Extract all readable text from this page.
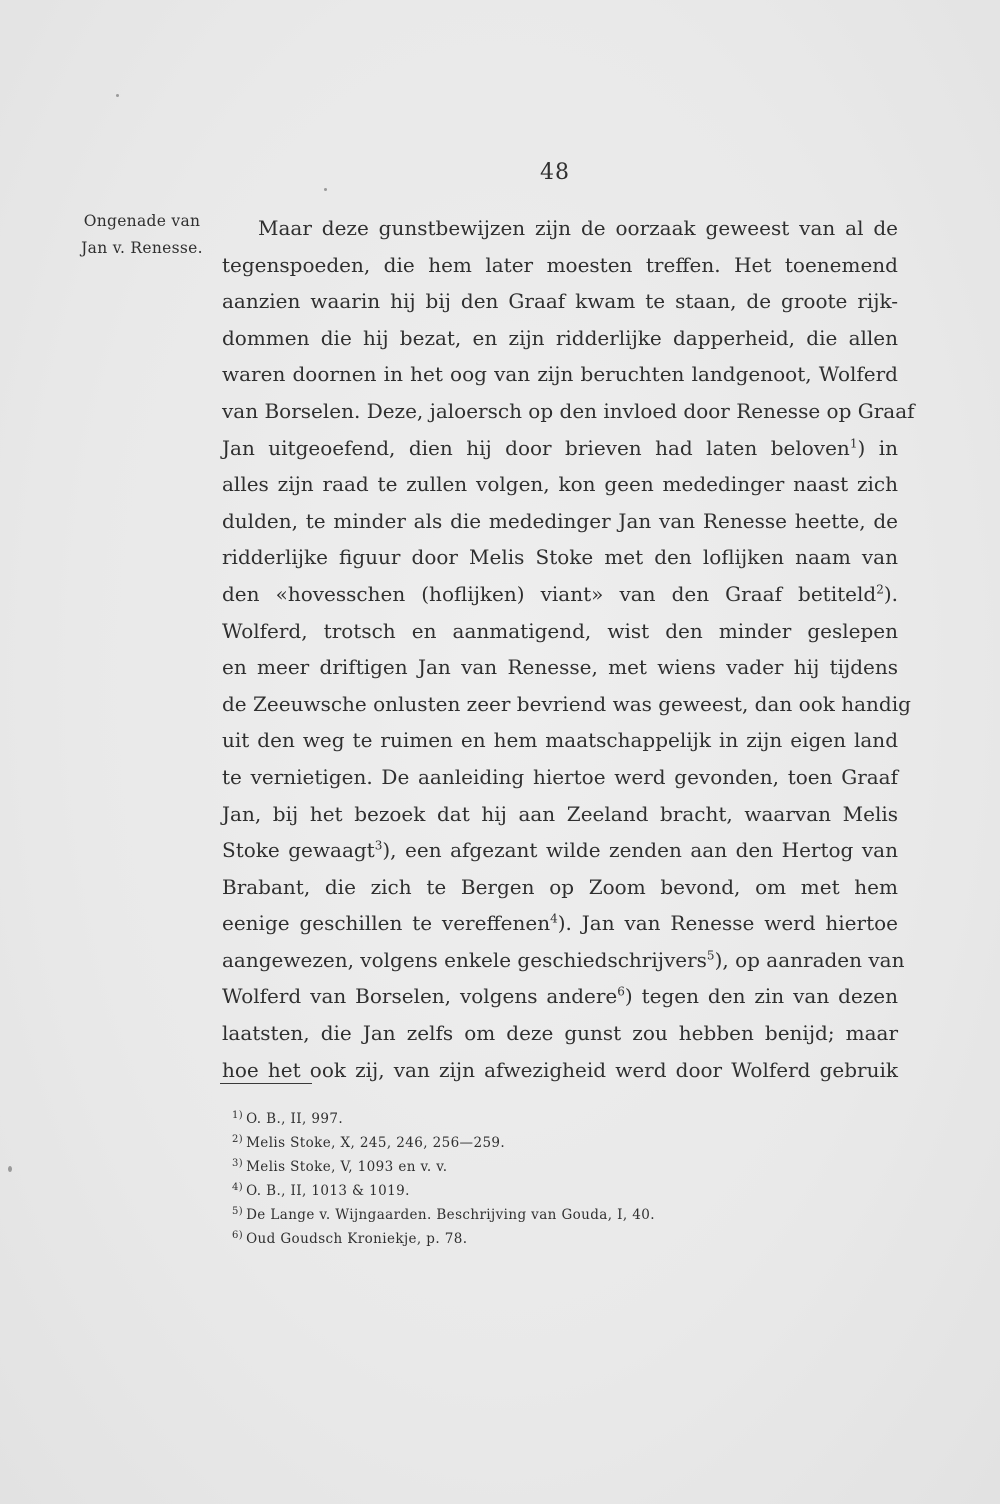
48
Ongenade van
Jan v. Renesse.
Maar deze gunstbewijzen zijn de oorzaak geweest van al de
tegenspoeden, die hem later moesten treffen. Het toenemend
aanzien waarin hij bij den Graaf kwam te staan, de groote rijk-
dommen die hij bezat, en zijn ridderlijke dapperheid, die allen
waren doornen in het oog van zijn beruchten landgenoot, Wolferd
van Borselen. Deze, jaloersch op den invloed door Renesse op Graaf
Jan uitgeoefend, dien hij door brieven had laten beloven$^1$) in
alles zijn raad te zullen volgen, kon geen mededinger naast zich
dulden, te minder als die mededinger Jan van Renesse heette, de
ridderlijke figuur door Melis Stoke met den loflijken naam van
den «hovesschen (hoflijken) viant» van den Graaf betiteld$^2$).
Wolferd, trotsch en aanmatigend, wist den minder geslepen
en meer driftigen Jan van Renesse, met wiens vader hij tijdens
de Zeeuwsche onlusten zeer bevriend was geweest, dan ook handig
uit den weg te ruimen en hem maatschappelijk in zijn eigen land
te vernietigen. De aanleiding hiertoe werd gevonden, toen Graaf
Jan, bij het bezoek dat hij aan Zeeland bracht, waarvan Melis
Stoke gewaagt$^3$), een afgezant wilde zenden aan den Hertog van
Brabant, die zich te Bergen op Zoom bevond, om met hem
eenige geschillen te vereffenen$^4$). Jan van Renesse werd hiertoe
aangewezen, volgens enkele geschiedschrijvers$^5$), op aanraden van
Wolferd van Borselen, volgens andere$^6$) tegen den zin van dezen
laatsten, die Jan zelfs om deze gunst zou hebben benijd; maar
hoe het ook zij, van zijn afwezigheid werd door Wolferd gebruik
$^{1)}$ O. B., II, 997.
$^{2)}$ Melis Stoke, X, 245, 246, 256—259.
$^{3)}$ Melis Stoke, V, 1093 en v. v.
$^{4)}$ O. B., II, 1013 & 1019.
$^{5)}$ De Lange v. Wijngaarden. Beschrijving van Gouda, I, 40.
$^{6)}$ Oud Goudsch Kroniekje, p. 78.
